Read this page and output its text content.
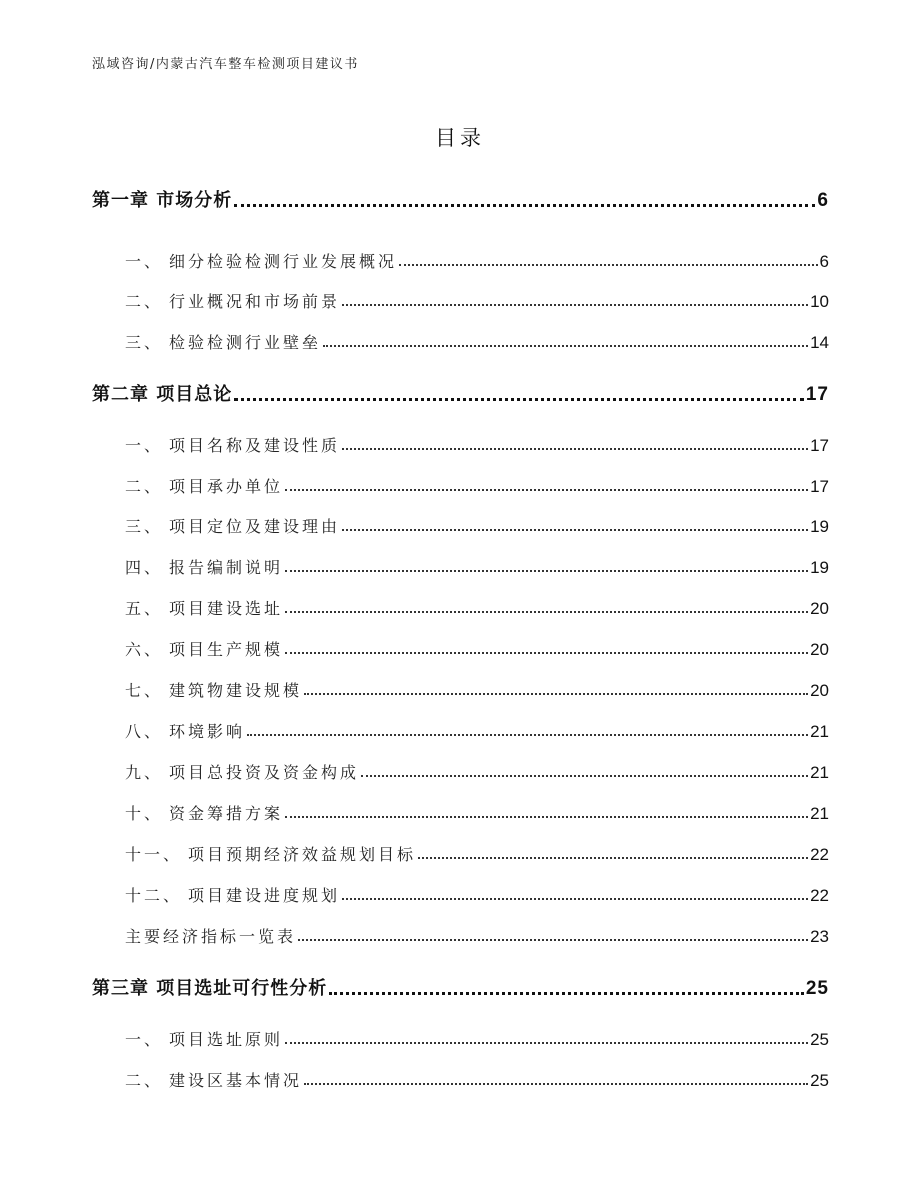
泓域咨询/内蒙古汽车整车检测项目建议书
目录
第一章 市场分析	6
一、 细分检验检测行业发展概况	6
二、 行业概况和市场前景	10
三、 检验检测行业壁垒	14
第二章 项目总论	17
一、 项目名称及建设性质	17
二、 项目承办单位	17
三、 项目定位及建设理由	19
四、 报告编制说明	19
五、 项目建设选址	20
六、 项目生产规模	20
七、 建筑物建设规模	20
八、 环境影响	21
九、 项目总投资及资金构成	21
十、 资金筹措方案	21
十一、 项目预期经济效益规划目标	22
十二、 项目建设进度规划	22
主要经济指标一览表	23
第三章 项目选址可行性分析	25
一、 项目选址原则	25
二、 建设区基本情况	25
